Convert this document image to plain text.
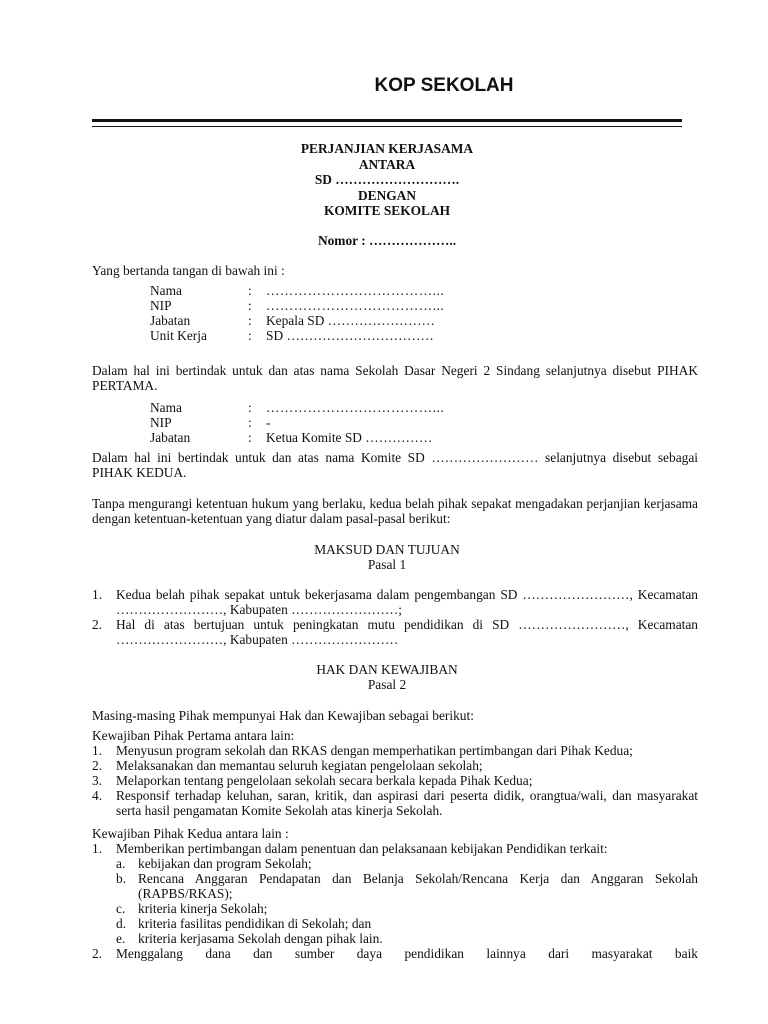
KOP SEKOLAH
PERJANJIAN KERJASAMA
ANTARA
SD ……………………….
DENGAN
KOMITE SEKOLAH
Nomor : ………………..
Yang bertanda tangan di bawah ini :
Nama	:	………………………………...
NIP	:	………………………………...
Jabatan	:	Kepala SD ……………………
Unit Kerja	:	SD ……………………………
Dalam hal ini bertindak untuk dan atas nama Sekolah Dasar Negeri 2 Sindang selanjutnya disebut PIHAK PERTAMA.
Nama	:	………………………………...
NIP	:	-
Jabatan	:	Ketua Komite SD ……………
Dalam hal ini bertindak untuk dan atas nama Komite SD …………………… selanjutnya disebut sebagai PIHAK KEDUA.
Tanpa mengurangi ketentuan hukum yang berlaku, kedua belah pihak sepakat mengadakan perjanjian kerjasama dengan ketentuan-ketentuan yang diatur dalam pasal-pasal berikut:
MAKSUD DAN TUJUAN
Pasal 1
1.	Kedua belah pihak sepakat untuk bekerjasama dalam pengembangan SD ……………………, Kecamatan ……………………, Kabupaten ……………………;
2.	Hal di atas bertujuan untuk peningkatan mutu pendidikan di SD ……………………, Kecamatan ……………………, Kabupaten ……………………
HAK DAN KEWAJIBAN
Pasal 2
Masing-masing Pihak mempunyai Hak dan Kewajiban sebagai berikut:
Kewajiban Pihak Pertama antara lain:
1.	Menyusun program sekolah dan RKAS dengan memperhatikan pertimbangan dari Pihak Kedua;
2.	Melaksanakan dan memantau seluruh kegiatan pengelolaan sekolah;
3.	Melaporkan tentang pengelolaan sekolah secara berkala kepada Pihak Kedua;
4.	Responsif terhadap keluhan, saran, kritik, dan aspirasi dari peserta didik, orangtua/wali, dan masyarakat serta hasil pengamatan Komite Sekolah atas kinerja Sekolah.
Kewajiban Pihak Kedua antara lain :
1.	Memberikan pertimbangan dalam penentuan dan pelaksanaan kebijakan Pendidikan terkait:
a. kebijakan dan program Sekolah;
b. Rencana Anggaran Pendapatan dan Belanja Sekolah/Rencana Kerja dan Anggaran Sekolah (RAPBS/RKAS);
c. kriteria kinerja Sekolah;
d. kriteria fasilitas pendidikan di Sekolah; dan
e. kriteria kerjasama Sekolah dengan pihak lain.
2.	Menggalang dana dan sumber daya pendidikan lainnya dari masyarakat baik
